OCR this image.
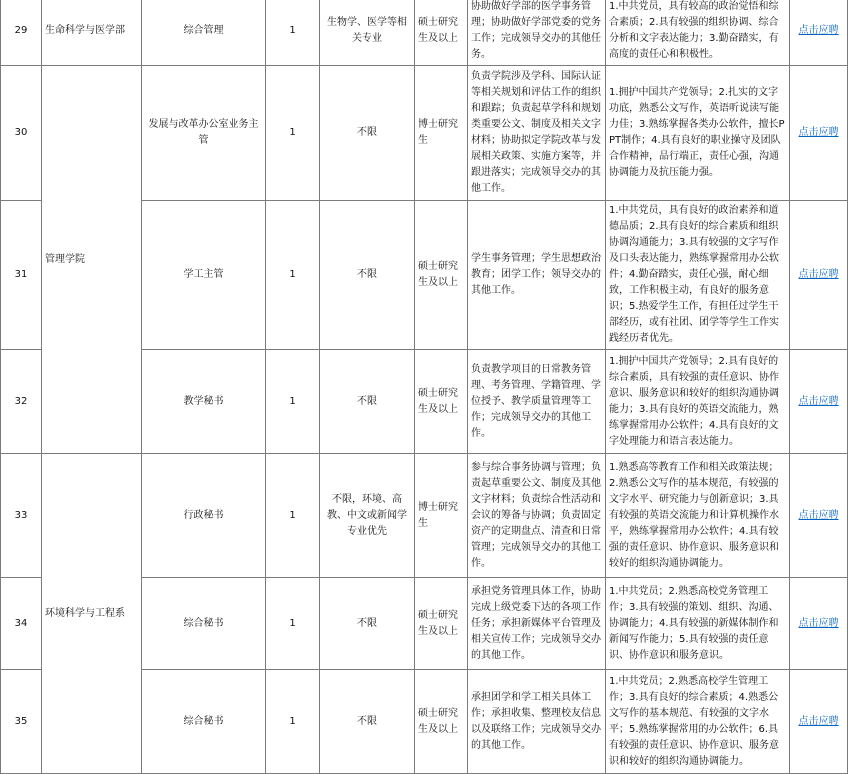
29	生命科学与医学部	综合管理	1	生物学、医学等相关专业	硕士研究生及以上	协助做好学部的医学事务管理；协助做好学部党委的党务工作；完成领导交办的其他任务。	1.中共党员，具有较高的政治觉悟和综合素质；2.具有较强的组织协调、综合分析和文字表达能力；3.勤奋踏实，有高度的责任心和积极性。	点击应聘
30	管理学院	发展与改革办公室业务主管	1	不限	博士研究生	负责学院涉及学科、国际认证等相关规划和评估工作的组织和跟踪；负责起草学科和规划类重要公文、制度及相关文字材料；协助拟定学院改革与发展相关政策、实施方案等，并跟进落实；完成领导交办的其他工作。	1.拥护中国共产党领导；2.扎实的文字功底，熟悉公文写作，英语听说读写能力佳；3.熟练掌握各类办公软件，擅长PPT制作；4.具有良好的职业操守及团队合作精神，品行端正，责任心强，沟通协调能力及抗压能力强。	点击应聘
31		学工主管	1	不限	硕士研究生及以上	学生事务管理；学生思想政治教育；团学工作；领导交办的其他工作。	1.中共党员，具有良好的政治素养和道德品质；2.具有良好的综合素质和组织协调沟通能力；3.具有较强的文字写作及口头表达能力，熟练掌握常用办公软件；4.勤奋踏实，责任心强，耐心细致，工作积极主动，有良好的服务意识；5.热爱学生工作，有担任过学生干部经历，或有社团、团学等学生工作实践经历者优先。	点击应聘
32		教学秘书	1	不限	硕士研究生及以上	负责教学项目的日常教务管理、考务管理、学籍管理、学位授予、教学质量管理等工作；完成领导交办的其他工作。	1.拥护中国共产党领导；2.具有良好的综合素质，具有较强的责任意识、协作意识、服务意识和较好的组织沟通协调能力；3.具有良好的英语交流能力，熟练掌握常用办公软件；4.具有良好的文字处理能力和语言表达能力。	点击应聘
33	环境科学与工程系	行政秘书	1	不限，环境、高教、中文或新闻学专业优先	博士研究生	参与综合事务协调与管理；负责起草重要公文、制度及其他文字材料；负责综合性活动和会议的筹备与协调；负责固定资产的定期盘点、清查和日常管理；完成领导交办的其他工作。	1.熟悉高等教育工作和相关政策法规；2.熟悉公文写作的基本规范，有较强的文字水平、研究能力与创新意识；3.具有较强的英语交流能力和计算机操作水平，熟练掌握常用办公软件；4.具有较强的责任意识、协作意识、服务意识和较好的组织沟通协调能力。	点击应聘
34		综合秘书	1	不限	硕士研究生及以上	承担党务管理具体工作，协助完成上级党委下达的各项工作任务；承担新媒体平台管理及相关宣传工作；完成领导交办的其他工作。	1.中共党员；2.熟悉高校党务管理工作；3.具有较强的策划、组织、沟通、协调能力；4.具有较强的新媒体制作和新闻写作能力；5.具有较强的责任意识、协作意识和服务意识。	点击应聘
35		综合秘书	1	不限	硕士研究生及以上	承担团学和学工相关具体工作；承担收集、整理校友信息以及联络工作；完成领导交办的其他工作。	1.中共党员；2.熟悉高校学生管理工作；3.具有良好的综合素质；4.熟悉公文写作的基本规范、有较强的文字水平；5.熟练掌握常用的办公软件；6.具有较强的责任意识、协作意识、服务意识和较好的组织沟通协调能力。	点击应聘
